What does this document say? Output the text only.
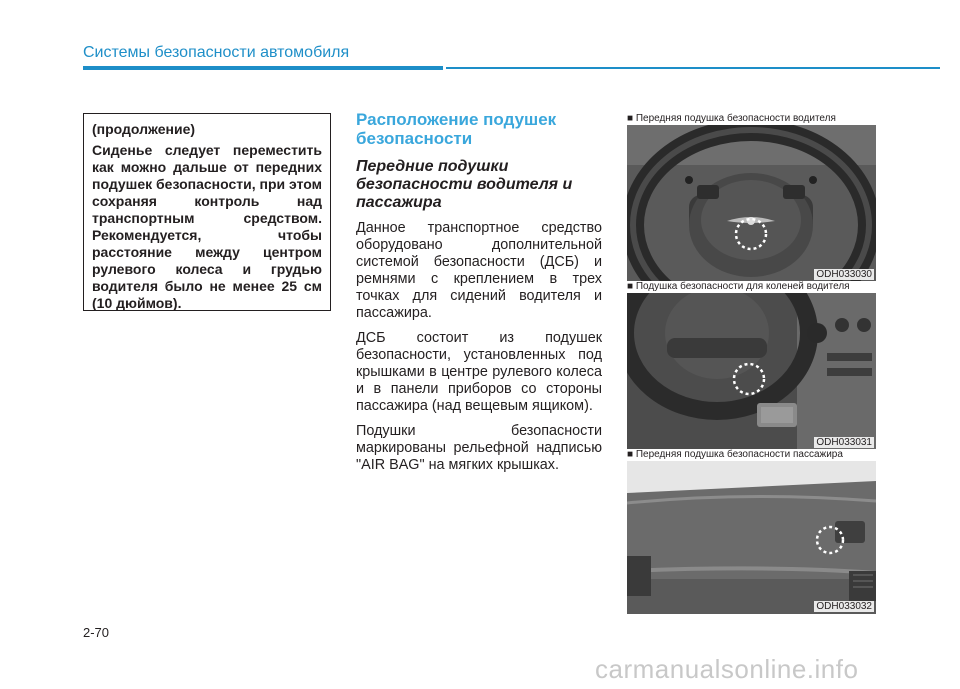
Системы безопасности автомобиля
(продолжение)
Сиденье следует переместить как можно дальше от передних подушек безопасности, при этом сохраняя контроль над транспортным средством. Рекомендуется, чтобы расстояние между центром рулевого колеса и грудью водителя было не менее 25 см (10 дюймов).
Расположение подушек безопасности
Передние подушки безопасности водителя и пассажира

Данное транспортное средство оборудовано дополнительной системой безопасности (ДСБ) и ремнями с креплением в трех точках для сидений водителя и пассажира.

ДСБ состоит из подушек безопасности, установленных под крышками в центре рулевого колеса и в панели приборов со стороны пассажира (над вещевым ящиком).

Подушки безопасности маркированы рельефной надписью "AIR BAG" на мягких крышках.

■ Передняя подушка безопасности водителя
ODH033030
■ Подушка безопасности для коленей водителя
ODH033031
■ Передняя подушка безопасности пассажира
ODH033032
2-70
carmanualsonline.info
